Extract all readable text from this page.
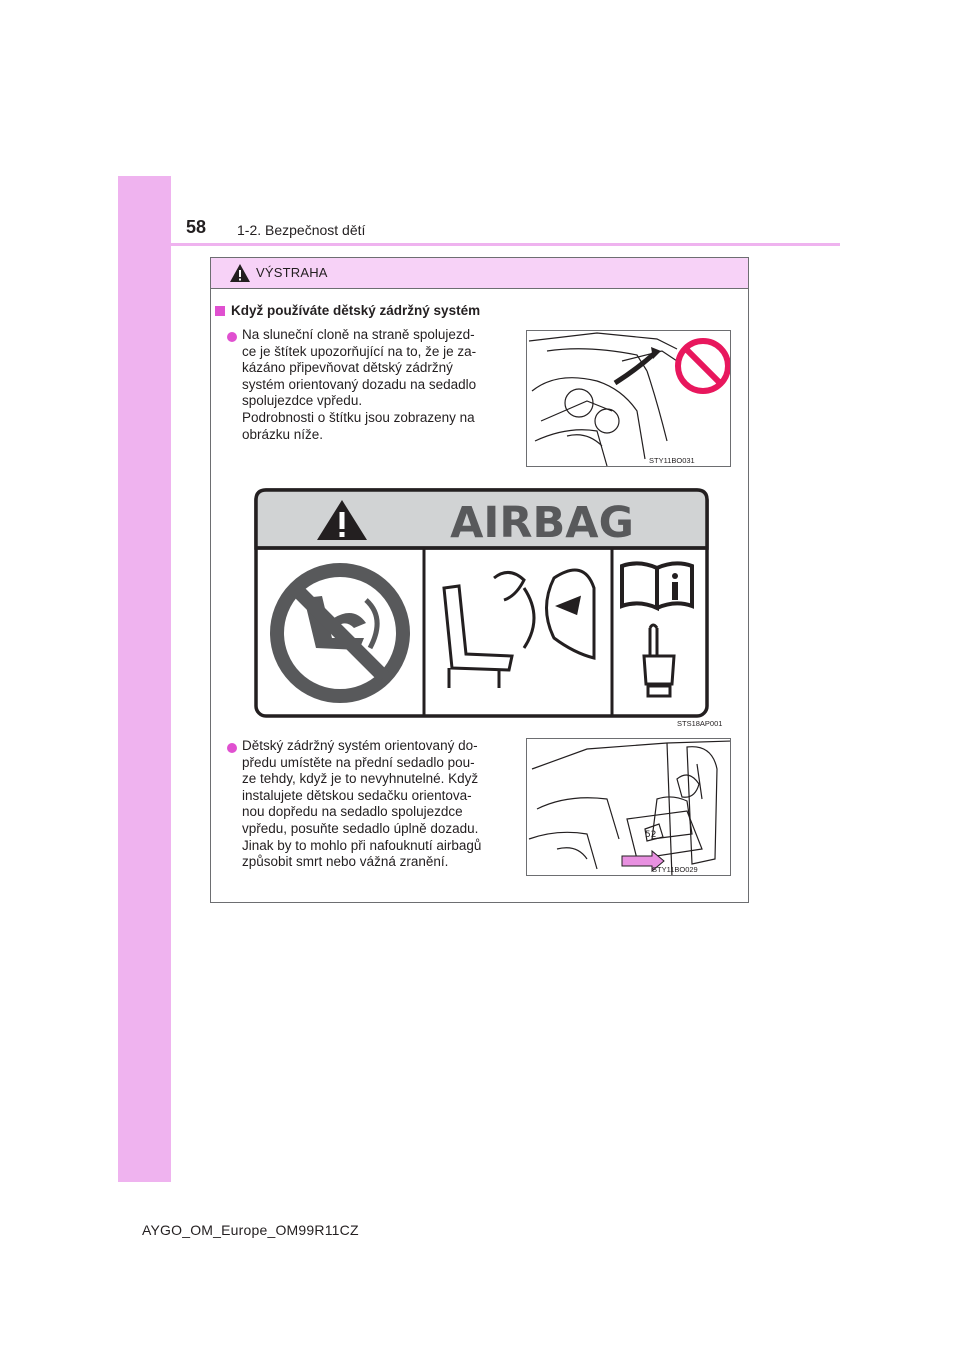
58 1-2. Bezpečnost dětí
VÝSTRAHA
Když používáte dětský zádržný systém
Na sluneční cloně na straně spolujezd-
ce je štítek upozorňující na to, že je za-
kázáno připevňovat dětský zádržný
systém orientovaný dozadu na sedadlo
spolujezdce vpředu.
Podrobnosti o štítku jsou zobrazeny na
obrázku níže.
STY11BO031
AIRBAG
STS18AP001
Dětský zádržný systém orientovaný do-
předu umístěte na přední sedadlo pou-
ze tehdy, když je to nevyhnutelné. Když
instalujete dětskou sedačku orientova-
nou dopředu na sedadlo spolujezdce
vpředu, posuňte sedadlo úplně dozadu.
Jinak by to mohlo při nafouknutí airbagů
způsobit smrt nebo vážná zranění.
52
STY11BO029
AYGO_OM_Europe_OM99R11CZ
